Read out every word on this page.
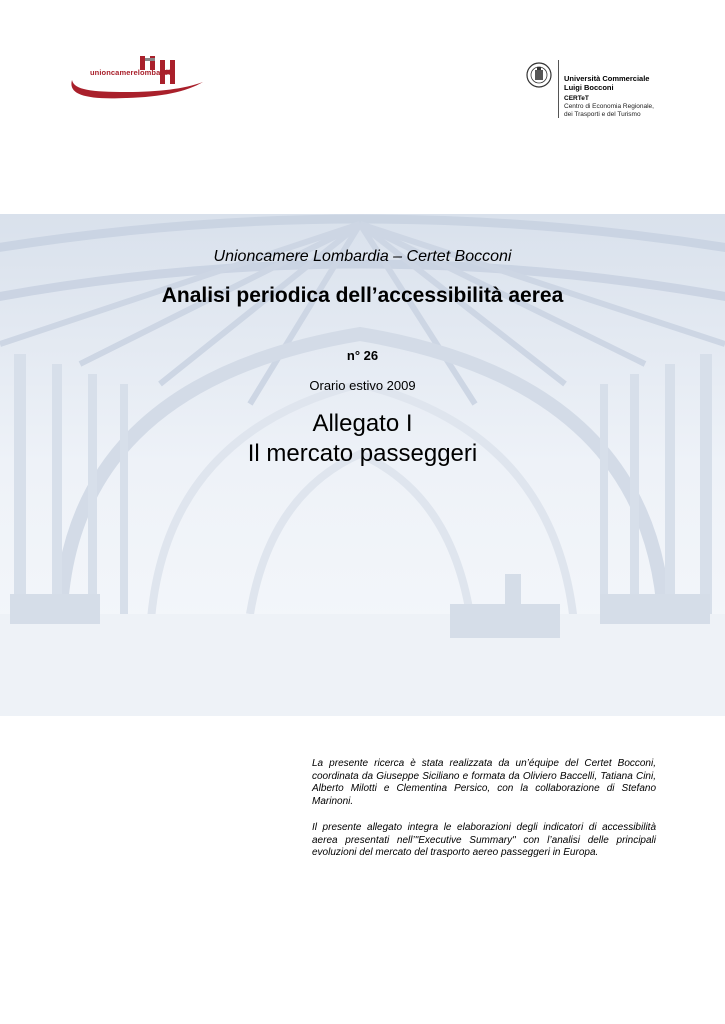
unioncamerelombardia
Università Commerciale
Luigi Bocconi
CERTeT
Centro di Economia Regionale,
dei Trasporti e del Turismo
Unioncamere Lombardia – Certet Bocconi
Analisi periodica dell’accessibilità aerea
n° 26
Orario estivo 2009
Allegato I
Il mercato passeggeri
La presente ricerca è stata realizzata da un’équipe del Certet Bocconi, coordinata da Giuseppe Siciliano e formata da Oliviero Baccelli, Tatiana Cini, Alberto Milotti e Clementina Persico, con la collaborazione di Stefano Marinoni.
Il presente allegato integra le elaborazioni degli indicatori di accessibilità aerea presentati nell’"Executive Summary" con l’analisi delle principali evoluzioni del mercato del trasporto aereo passeggeri in Europa.
